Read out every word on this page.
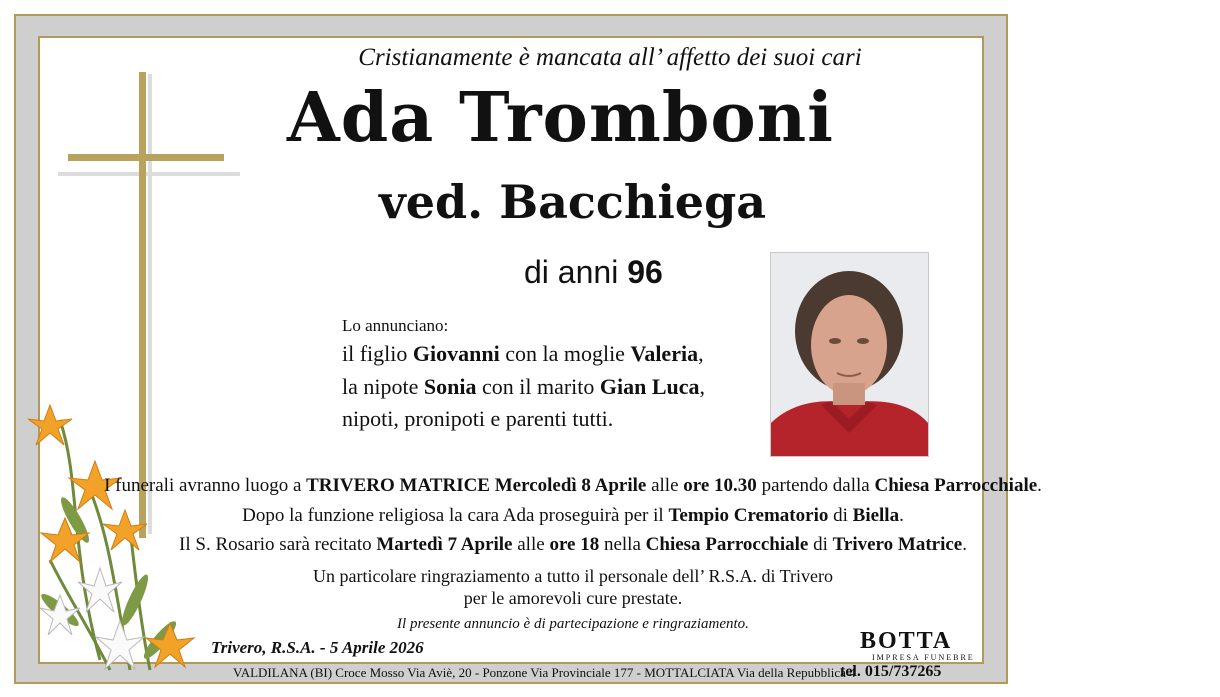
Cristianamente è mancata all’ affetto dei suoi cari
Ada Tromboni
ved. Bacchiega
di anni 96
Lo annunciano:
il figlio Giovanni con la moglie Valeria,
la nipote Sonia con il marito Gian Luca,
nipoti, pronipoti e parenti tutti.
I funerali avranno luogo a TRIVERO MATRICE Mercoledì 8 Aprile alle ore 10.30 partendo dalla Chiesa Parrocchiale.
Dopo la funzione religiosa la cara Ada proseguirà per il Tempio Crematorio di Biella.
Il S. Rosario sarà recitato Martedì 7 Aprile alle ore 18 nella Chiesa Parrocchiale di Trivero Matrice.
Un particolare ringraziamento a tutto il personale dell’ R.S.A. di Trivero
per le amorevoli cure prestate.
Il presente annuncio è di partecipazione e ringraziamento.
Trivero, R.S.A. - 5 Aprile 2026	BOTTA
IMPRESA FUNEBRE
VALDILANA (BI) Croce Mosso Via Aviè, 20 - Ponzone Via Provinciale 177 - MOTTALCIATA Via della Repubblica 4
tel. 015/737265
